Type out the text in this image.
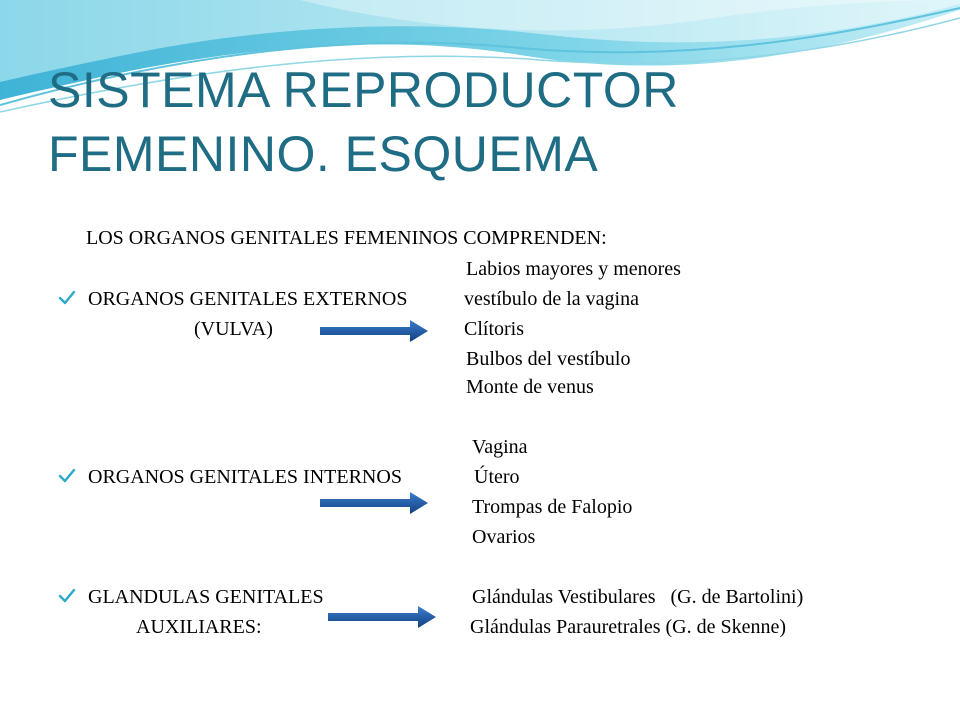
SISTEMA REPRODUCTOR
FEMENINO. ESQUEMA
LOS ORGANOS GENITALES FEMENINOS COMPRENDEN:
ORGANOS GENITALES EXTERNOS
(VULVA)
Labios mayores y menores
vestíbulo de la vagina
Clítoris
Bulbos del vestíbulo
Monte de venus
ORGANOS GENITALES INTERNOS
Vagina
Útero
Trompas de Falopio
Ovarios
GLANDULAS GENITALES
AUXILIARES:
Glándulas Vestibulares   (G. de Bartolini)
Glándulas Parauretrales (G. de Skenne)
